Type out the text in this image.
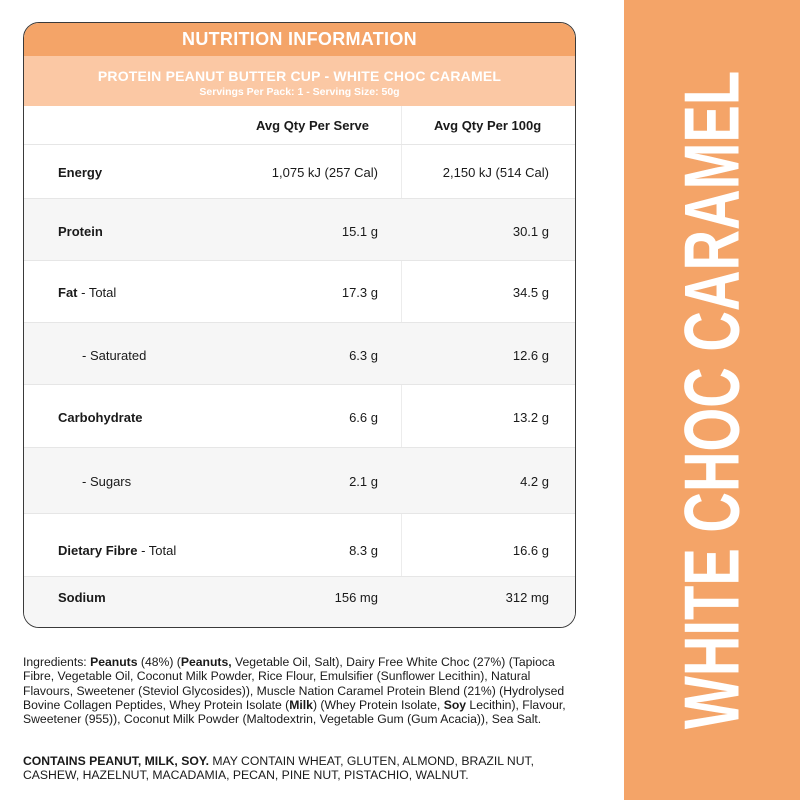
WHITE CHOC CARAMEL
NUTRITION INFORMATION
PROTEIN PEANUT BUTTER CUP - WHITE CHOC CARAMEL
Servings Per Pack: 1 - Serving Size: 50g
Avg Qty Per Serve	Avg Qty Per 100g
Energy	1,075 kJ (257 Cal)	2,150 kJ (514 Cal)
Protein	15.1 g	30.1 g
Fat - Total	17.3 g	34.5 g
- Saturated	6.3 g	12.6 g
Carbohydrate	6.6 g	13.2 g
- Sugars	2.1 g	4.2 g
Dietary Fibre - Total	8.3 g	16.6 g
Sodium	156 mg	312 mg
Ingredients: Peanuts (48%) (Peanuts, Vegetable Oil, Salt), Dairy Free White Choc (27%) (Tapioca Fibre, Vegetable Oil, Coconut Milk Powder, Rice Flour, Emulsifier (Sunflower Lecithin), Natural Flavours, Sweetener (Steviol Glycosides)), Muscle Nation Caramel Protein Blend (21%) (Hydrolysed Bovine Collagen Peptides, Whey Protein Isolate (Milk) (Whey Protein Isolate, Soy Lecithin), Flavour, Sweetener (955)), Coconut Milk Powder (Maltodextrin, Vegetable Gum (Gum Acacia)), Sea Salt.
CONTAINS PEANUT, MILK, SOY. MAY CONTAIN WHEAT, GLUTEN, ALMOND, BRAZIL NUT, CASHEW, HAZELNUT, MACADAMIA, PECAN, PINE NUT, PISTACHIO, WALNUT.
